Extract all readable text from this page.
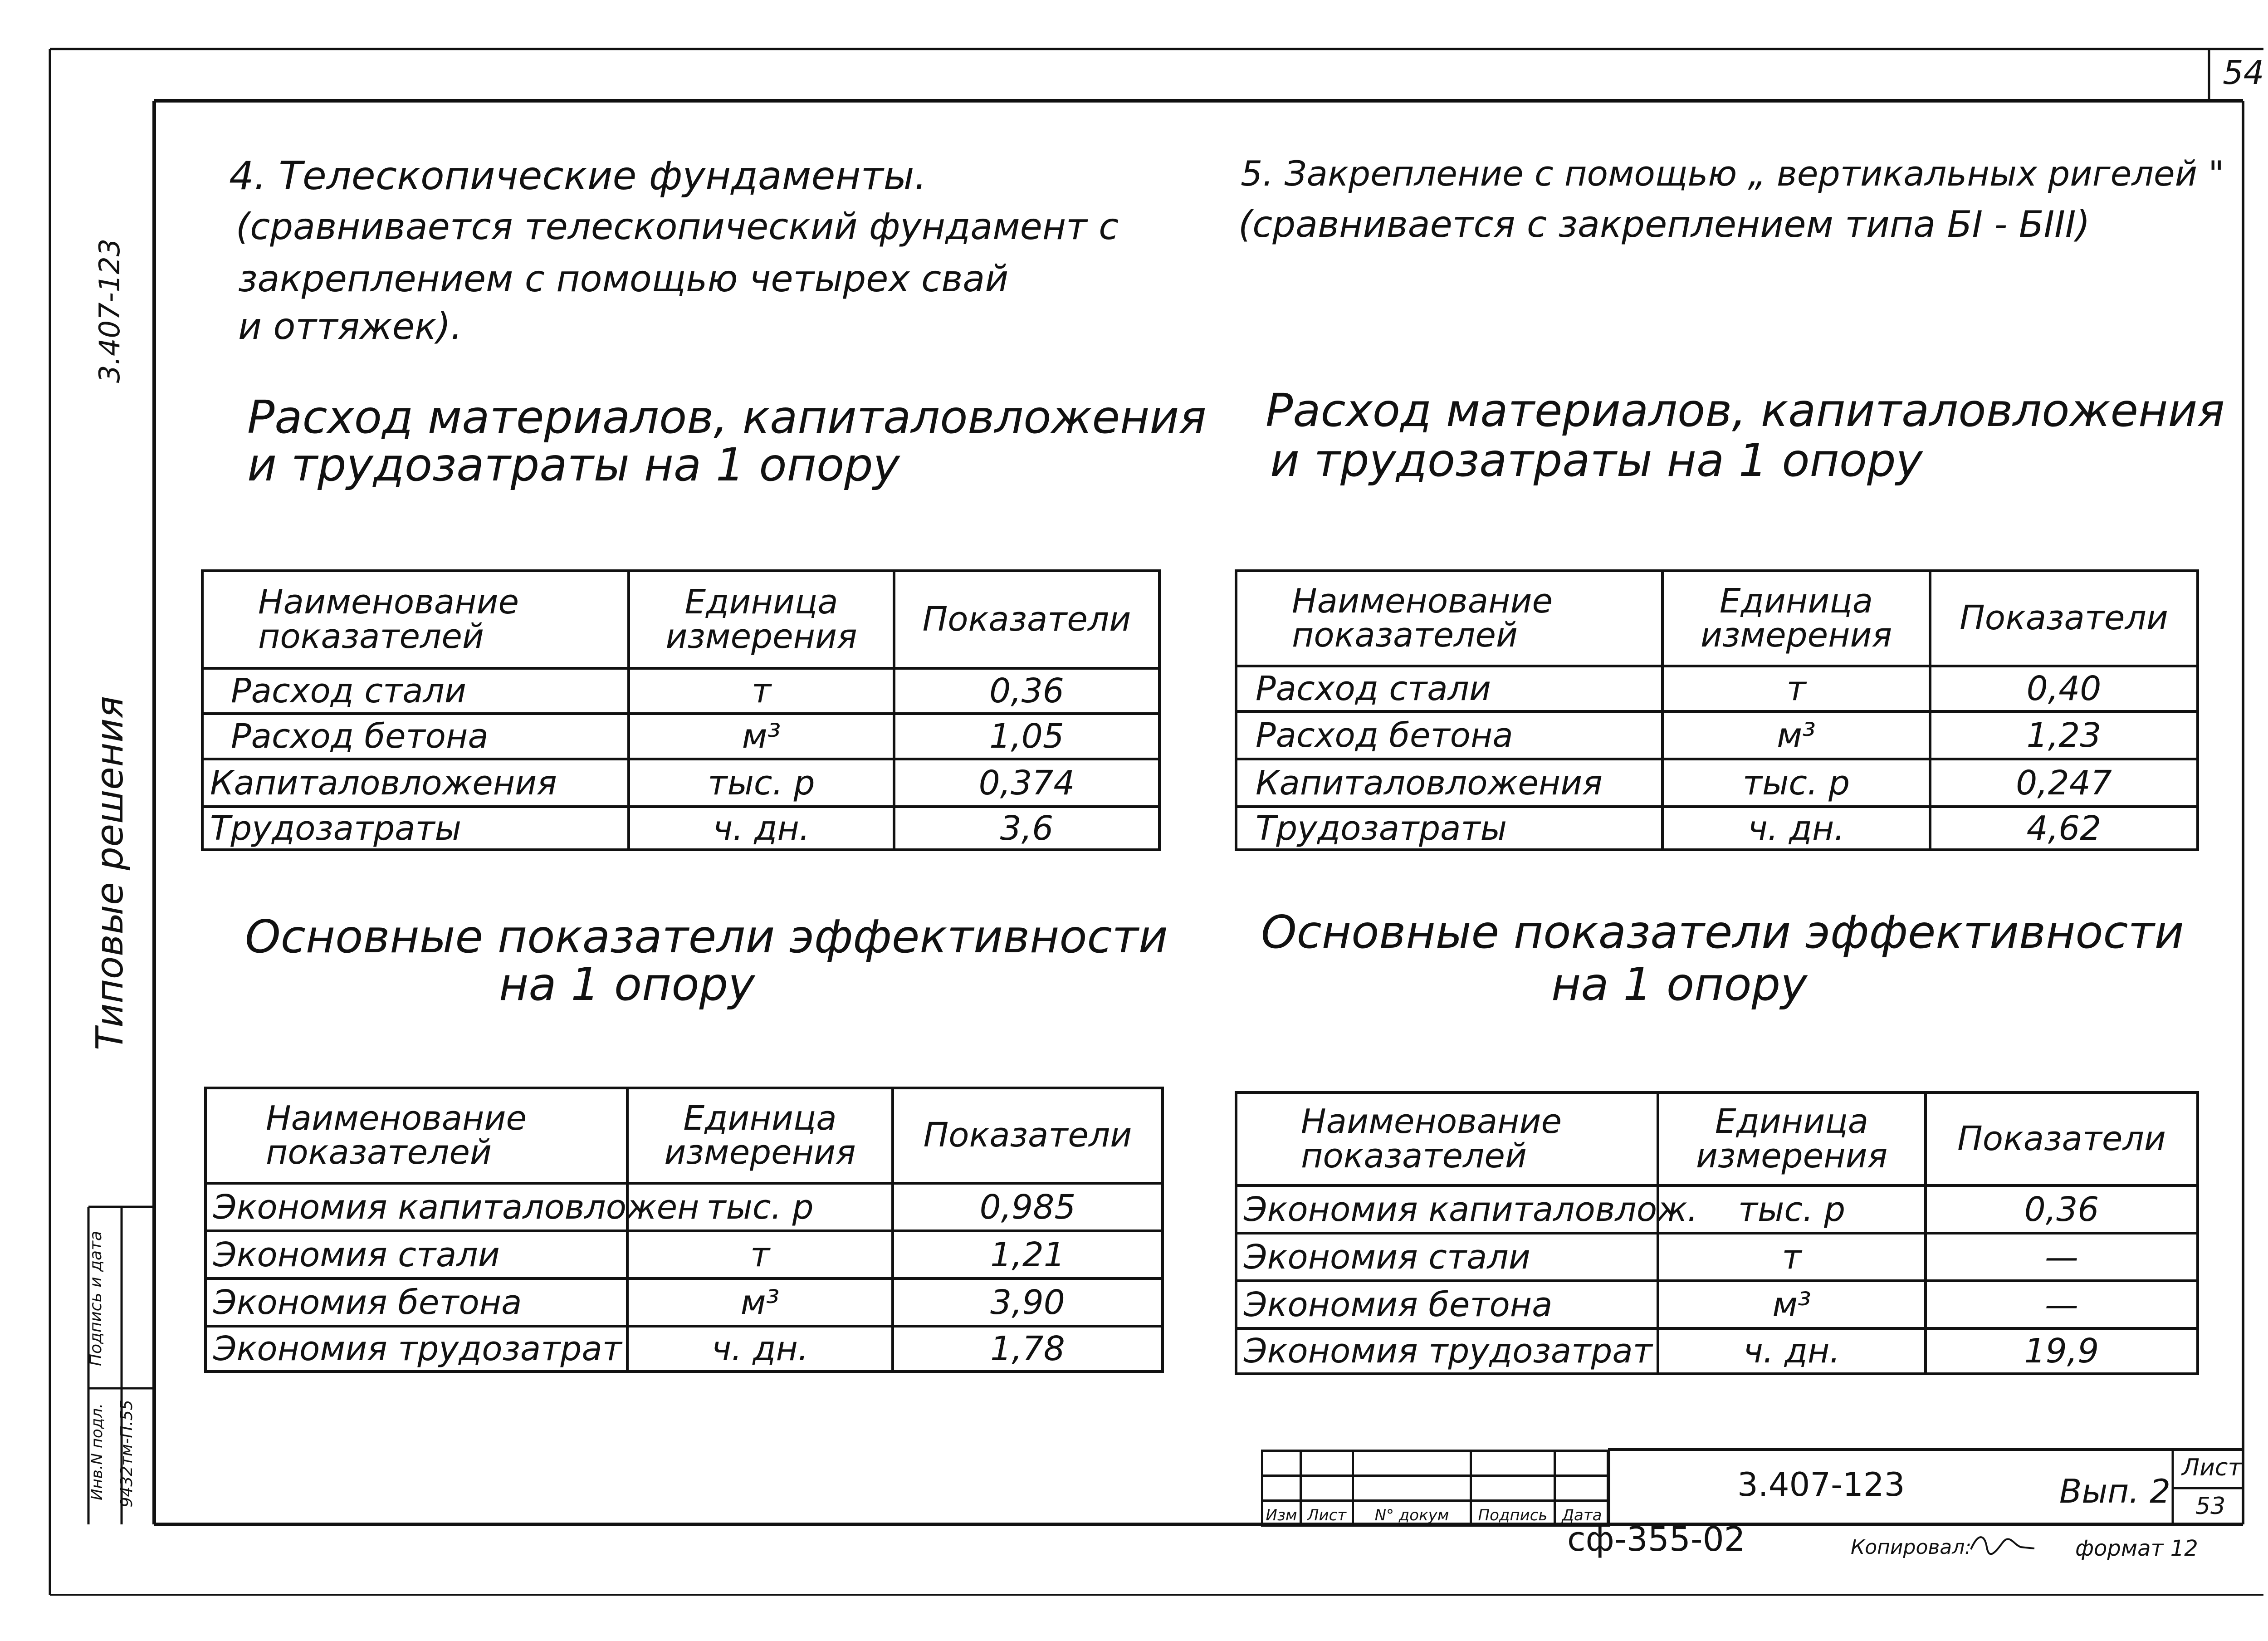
54
3.407-123
Типовые решения
Инв.N подл. 9432тм-П.55
Подпись и дата
4. Телескопические фундаменты.
(сравнивается телескопический фундамент с
закреплением с помощью четырех свай
и оттяжек).
Расход материалов, капиталовложения
и трудозатраты на 1 опору
Наименование показателей	Единица измерения	Показатели
Расход стали	т	0,36
Расход бетона	м³	1,05
Капиталовложения	тыс. р	0,374
Трудозатраты	ч. дн.	3,6
Основные показатели эффективности
на 1 опору
Наименование показателей	Единица измерения	Показатели
Экономия капиталовложен	тыс. р	0,985
Экономия стали	т	1,21
Экономия бетона	м³	3,90
Экономия трудозатрат	ч. дн.	1,78
5. Закрепление с помощью „ вертикальных ригелей "
(сравнивается с закреплением типа БI - БIII)
Расход материалов, капиталовложения
и трудозатраты на 1 опору
Наименование показателей	Единица измерения	Показатели
Расход стали	т	0,40
Расход бетона	м³	1,23
Капиталовложения	тыс. р	0,247
Трудозатраты	ч. дн.	4,62
Основные показатели эффективности
на 1 опору
Наименование показателей	Единица измерения	Показатели
Экономия капиталовлож.	тыс. р	0,36
Экономия стали	т	—
Экономия бетона	м³	—
Экономия трудозатрат	ч. дн.	19,9

Изм	Лист	N° докум	Подпись	Дата
3.407-123	Вып. 2
Лист
53
сф-355-02	Копировал:	формат 12
